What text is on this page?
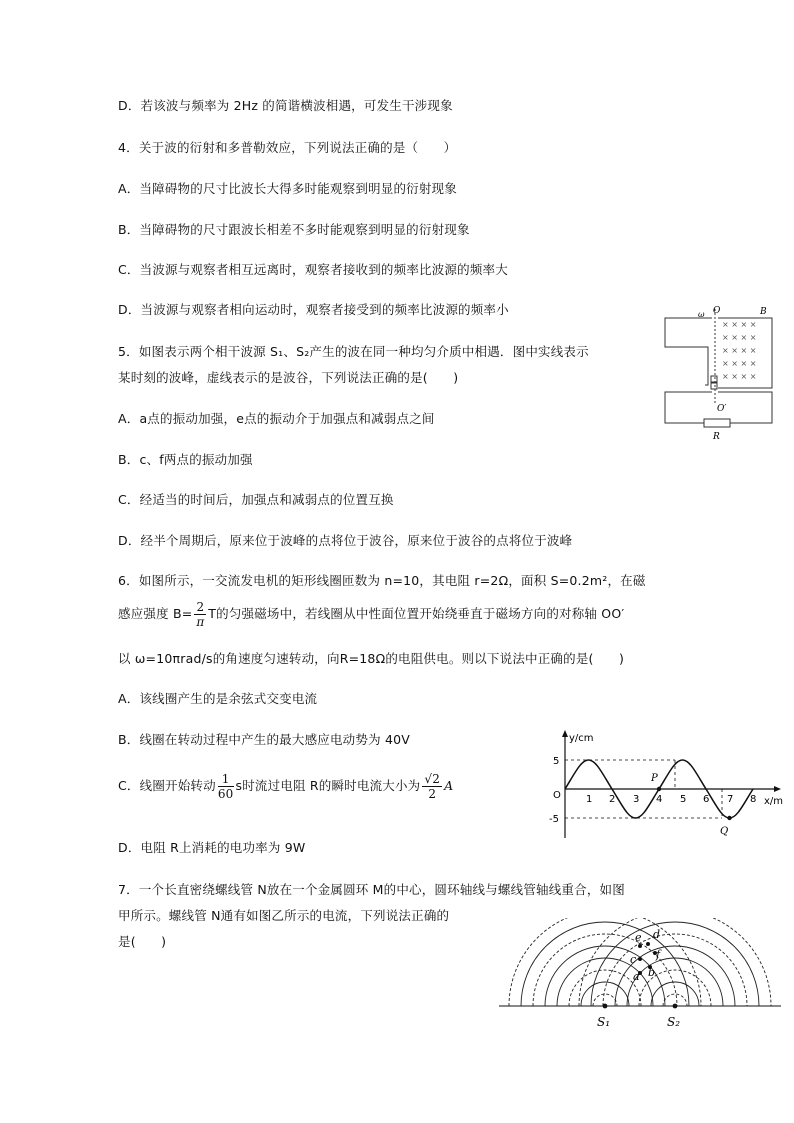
D．若该波与频率为 2Hz 的简谐横波相遇，可发生干涉现象
4．关于波的衍射和多普勒效应，下列说法正确的是（　　）
A．当障碍物的尺寸比波长大得多时能观察到明显的衍射现象
B．当障碍物的尺寸跟波长相差不多时能观察到明显的衍射现象
C．当波源与观察者相互远离时，观察者接收到的频率比波源的频率大
D．当波源与观察者相向运动时，观察者接受到的频率比波源的频率小
5．如图表示两个相干波源 S₁、S₂产生的波在同一种均匀介质中相遇．图中实线表示
某时刻的波峰，虚线表示的是波谷，下列说法正确的是(　　)
A．a点的振动加强，e点的振动介于加强点和减弱点之间
B．c、f两点的振动加强
C．经适当的时间后，加强点和减弱点的位置互换
D．经半个周期后，原来位于波峰的点将位于波谷，原来位于波谷的点将位于波峰
6．如图所示，一交流发电机的矩形线圈匝数为 n=10，其电阻 r=2Ω，面积 S=0.2m²，在磁
感应强度 $B= \frac{2}{\pi}$ T的匀强磁场中，若线圈从中性面位置开始绕垂直于磁场方向的对称轴 OO′
以 ω=10πrad/s的角速度匀速转动，向R=18Ω的电阻供电。则以下说法中正确的是(　　)
A．该线圈产生的是余弦式交变电流
B．线圈在转动过程中产生的最大感应电动势为 40V
C．线圈开始转动 $\frac{1}{60}$ s时流过电阻 R的瞬时电流大小为 $\frac{√2}{2}$ A
D．电阻 R上消耗的电功率为 9W
7．一个长直密绕螺线管 N放在一个金属圆环 M的中心，圆环轴线与螺线管轴线重合，如图
甲所示。螺线管 N通有如图乙所示的电流，下列说法正确的
是(　　)
× × × ×
× × × ×
× × × ×
× × × ×
× × × ×
ω O	B
O′
R
y/cm
x/m
5
-5
O	1 2 3 4 5 6 7 8
P
Q
a b
c
d
e
f
S₁	S₂
